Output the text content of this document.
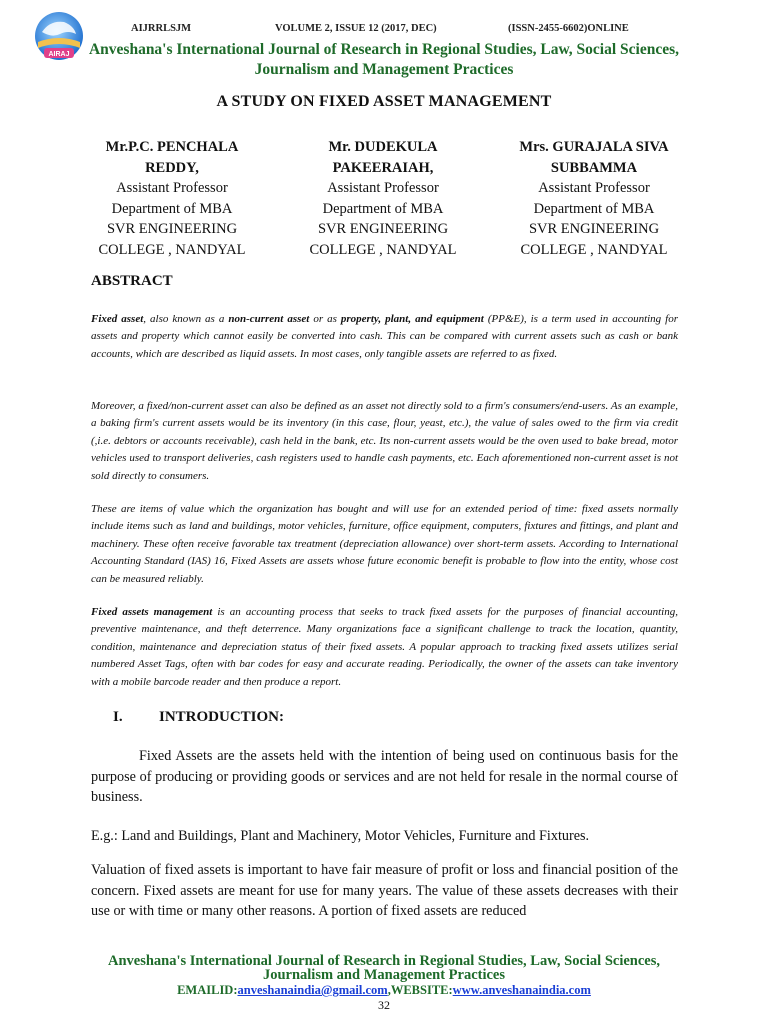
AIRAJ
AIJRRLSJM	VOLUME 2, ISSUE 12 (2017, DEC)	(ISSN-2455-6602)ONLINE
Anveshana's International Journal of Research in Regional Studies, Law, Social Sciences,
Journalism and Management Practices
A STUDY ON FIXED ASSET MANAGEMENT
Mr.P.C. PENCHALA
REDDY,
Assistant Professor
Department of MBA
SVR ENGINEERING
COLLEGE , NANDYAL
Mr. DUDEKULA
PAKEERAIAH,
Assistant Professor
Department of MBA
SVR ENGINEERING
COLLEGE , NANDYAL
Mrs. GURAJALA SIVA
SUBBAMMA
Assistant Professor
Department of MBA
SVR ENGINEERING
COLLEGE , NANDYAL
ABSTRACT

Fixed asset, also known as a non-current asset or as property, plant, and equipment (PP&E), is a term used in accounting for assets and property which cannot easily be converted into cash. This can be compared with current assets such as cash or bank accounts, which are described as liquid assets. In most cases, only tangible assets are referred to as fixed.

Moreover, a fixed/non-current asset can also be defined as an asset not directly sold to a firm's consumers/end-users. As an example, a baking firm's current assets would be its inventory (in this case, flour, yeast, etc.), the value of sales owed to the firm via credit (,i.e. debtors or accounts receivable), cash held in the bank, etc. Its non-current assets would be the oven used to bake bread, motor vehicles used to transport deliveries, cash registers used to handle cash payments, etc. Each aforementioned non-current asset is not sold directly to consumers.

These are items of value which the organization has bought and will use for an extended period of time: fixed assets normally include items such as land and buildings, motor vehicles, furniture, office equipment, computers, fixtures and fittings, and plant and machinery. These often receive favorable tax treatment (depreciation allowance) over short-term assets. According to International Accounting Standard (IAS) 16, Fixed Assets are assets whose future economic benefit is probable to flow into the entity, whose cost can be measured reliably.

Fixed assets management is an accounting process that seeks to track fixed assets for the purposes of financial accounting, preventive maintenance, and theft deterrence. Many organizations face a significant challenge to track the location, quantity, condition, maintenance and depreciation status of their fixed assets. A popular approach to tracking fixed assets utilizes serial numbered Asset Tags, often with bar codes for easy and accurate reading. Periodically, the owner of the assets can take inventory with a mobile barcode reader and then produce a report.

I. INTRODUCTION:

Fixed Assets are the assets held with the intention of being used on continuous basis for the purpose of producing or providing goods or services and are not held for resale in the normal course of business.

E.g.: Land and Buildings, Plant and Machinery, Motor Vehicles, Furniture and Fixtures.

Valuation of fixed assets is important to have fair measure of profit or loss and financial position of the concern. Fixed assets are meant for use for many years. The value of these assets decreases with their use or with time or many other reasons. A portion of fixed assets are reduced

Anveshana's International Journal of Research in Regional Studies, Law, Social Sciences,
Journalism and Management Practices
EMAILID:anveshanaindia@gmail.com,WEBSITE:www.anveshanaindia.com
32
